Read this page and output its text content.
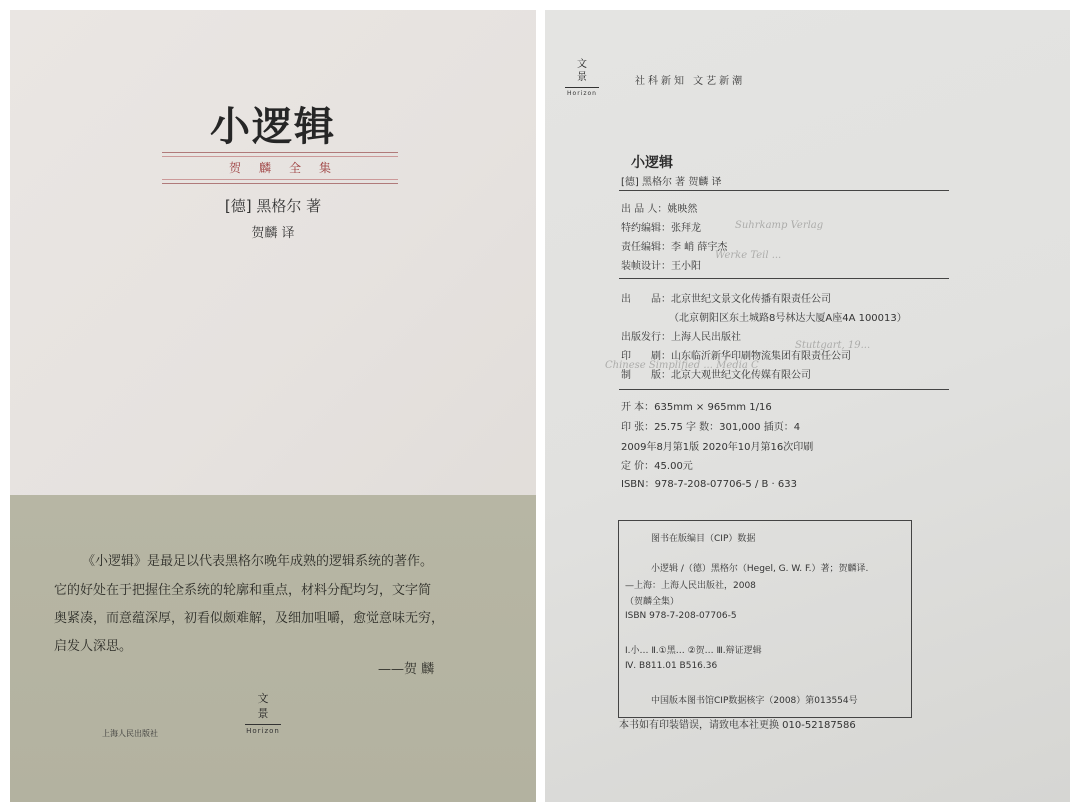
小逻辑
贺麟全集
[德] 黑格尔 著
贺麟 译
《小逻辑》是最足以代表黑格尔晚年成熟的逻辑系统的著作。
它的好处在于把握住全系统的轮廓和重点，材料分配均匀，文字简
奥紧凑，而意蕴深厚，初看似颇难解，及细加咀嚼，愈觉意味无穷，
启发人深思。
——贺 麟
上海人民出版社
文
景
Horizon
文
景
Horizon
社科新知 文艺新潮
Suhrkamp Verlag
Werke Teil ...
Stuttgart, 19...
Chinese Simplified ... Media C
小逻辑
[德] 黑格尔 著 贺麟 译
出 品 人：姚映然
特约编辑：张拜龙
责任编辑：李 峭 薛宇杰
装帧设计：王小阳
出　　品：北京世纪文景文化传播有限责任公司
（北京朝阳区东土城路8号林达大厦A座4A 100013）
出版发行：上海人民出版社
印　　刷：山东临沂新华印刷物流集团有限责任公司
制　　版：北京大观世纪文化传媒有限公司
开 本：635mm × 965mm 1/16
印 张：25.75 字 数：301,000 插页：4
2009年8月第1版 2020年10月第16次印刷
定 价：45.00元
ISBN：978-7-208-07706-5 / B · 633
图书在版编目（CIP）数据
小逻辑 /（德）黑格尔（Hegel, G. W. F.）著；贺麟译.
—上海：上海人民出版社，2008
（贺麟全集）
ISBN 978-7-208-07706-5
Ⅰ.小… Ⅱ.①黑… ②贺… Ⅲ.辩证逻辑
Ⅳ. B811.01 B516.36
中国版本图书馆CIP数据核字（2008）第013554号
本书如有印装错误，请致电本社更换 010-52187586
